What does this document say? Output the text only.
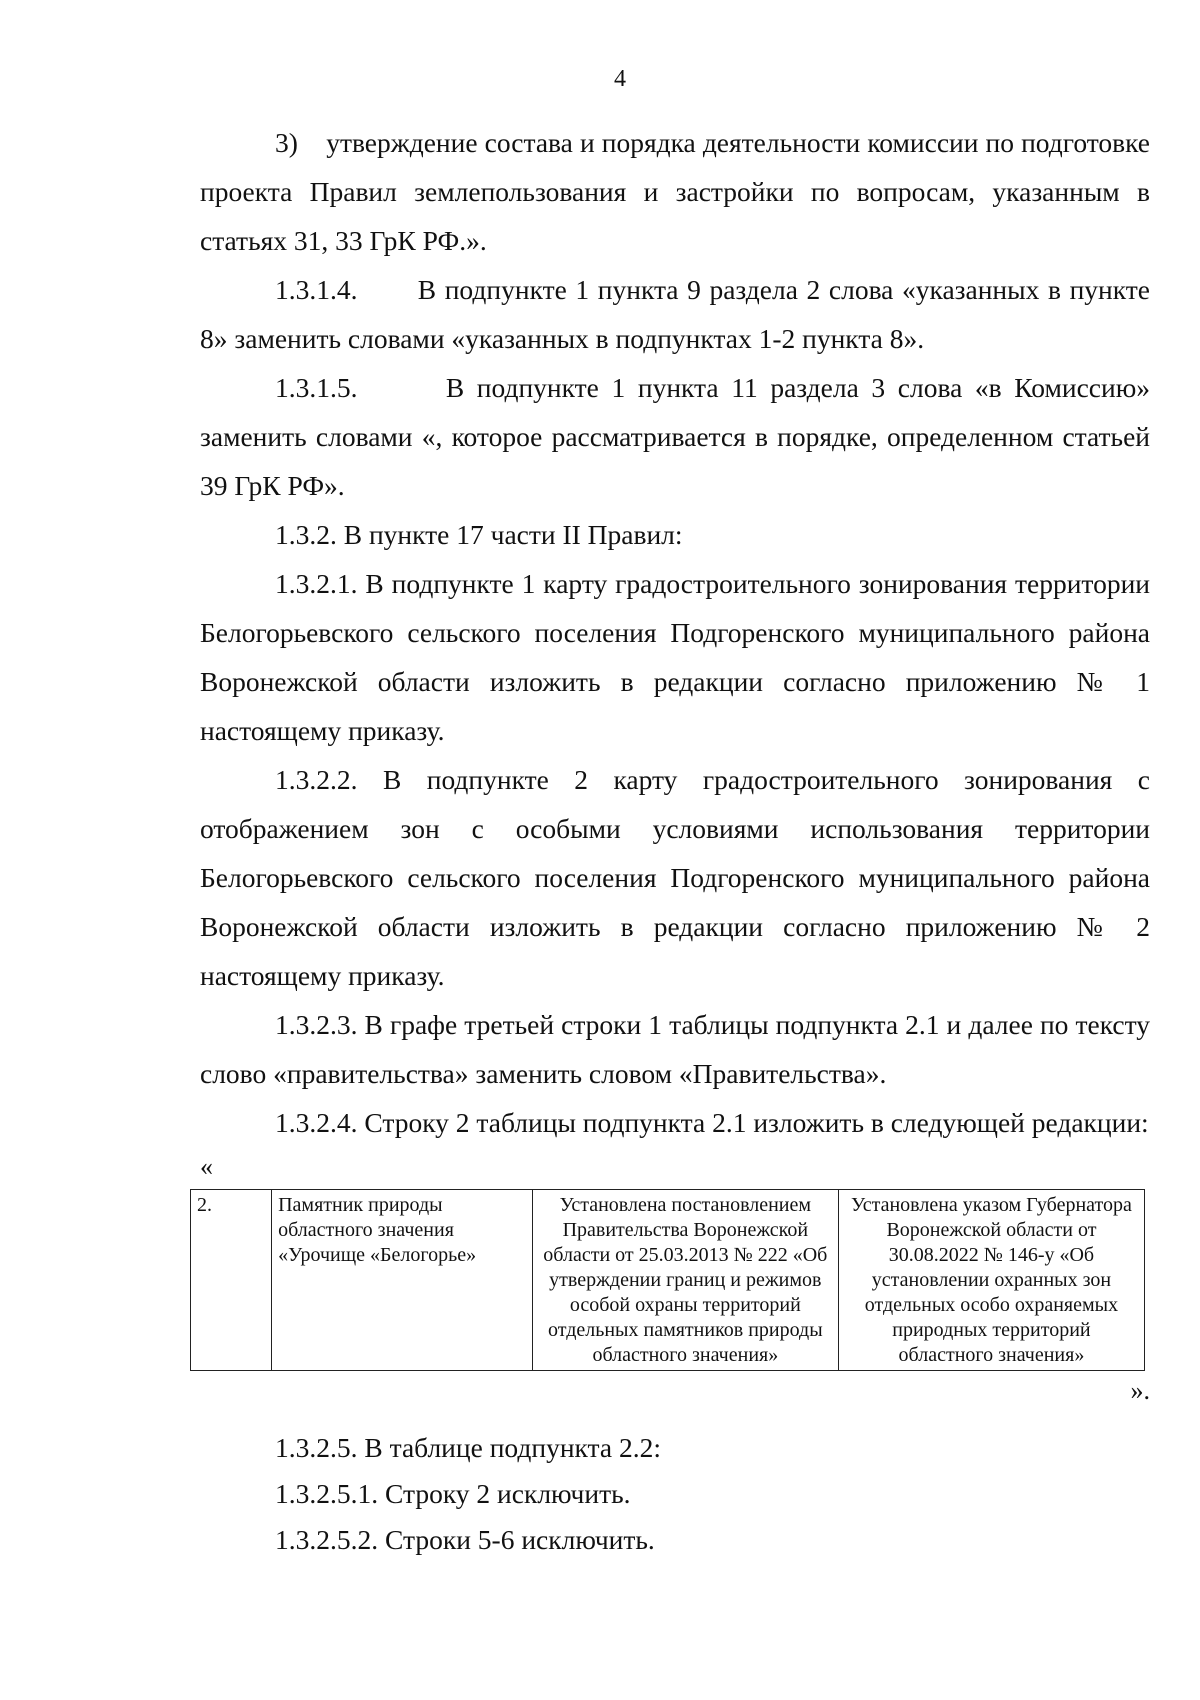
4

3)    утверждение состава и порядка деятельности комиссии по подготовке проекта Правил землепользования и застройки по вопросам, указанным в статьях 31, 33 ГрК РФ.».

1.3.1.4.       В подпункте 1 пункта 9 раздела 2 слова «указанных в пункте 8» заменить словами «указанных в подпунктах 1-2 пункта 8».

1.3.1.5.       В подпункте 1 пункта 11 раздела 3 слова «в Комиссию» заменить словами «, которое рассматривается в порядке, определенном статьей 39 ГрК РФ».

1.3.2. В пункте 17 части II Правил:

1.3.2.1. В подпункте 1 карту градостроительного зонирования территории Белогорьевского сельского поселения Подгоренского муниципального района Воронежской области изложить в редакции согласно приложению № 1 настоящему приказу.

1.3.2.2. В подпункте 2 карту градостроительного зонирования с отображением зон с особыми условиями использования территории Белогорьевского сельского поселения Подгоренского муниципального района Воронежской области изложить в редакции согласно приложению № 2 настоящему приказу.

1.3.2.3. В графе третьей строки 1 таблицы подпункта 2.1 и далее по тексту слово «правительства» заменить словом «Правительства».

1.3.2.4. Строку 2 таблицы подпункта 2.1 изложить в следующей редакции:

«
2.	Памятник природы областного значения «Урочище «Белогорье»	Установлена постановлением Правительства Воронежской области от 25.03.2013 № 222 «Об утверждении границ и режимов особой охраны территорий отдельных памятников природы областного значения»	Установлена указом Губернатора Воронежской области от 30.08.2022 № 146-у «Об установлении охранных зон отдельных особо охраняемых природных территорий областного значения»
».

1.3.2.5. В таблице подпункта 2.2:

1.3.2.5.1. Строку 2 исключить.

1.3.2.5.2. Строки 5-6 исключить.
